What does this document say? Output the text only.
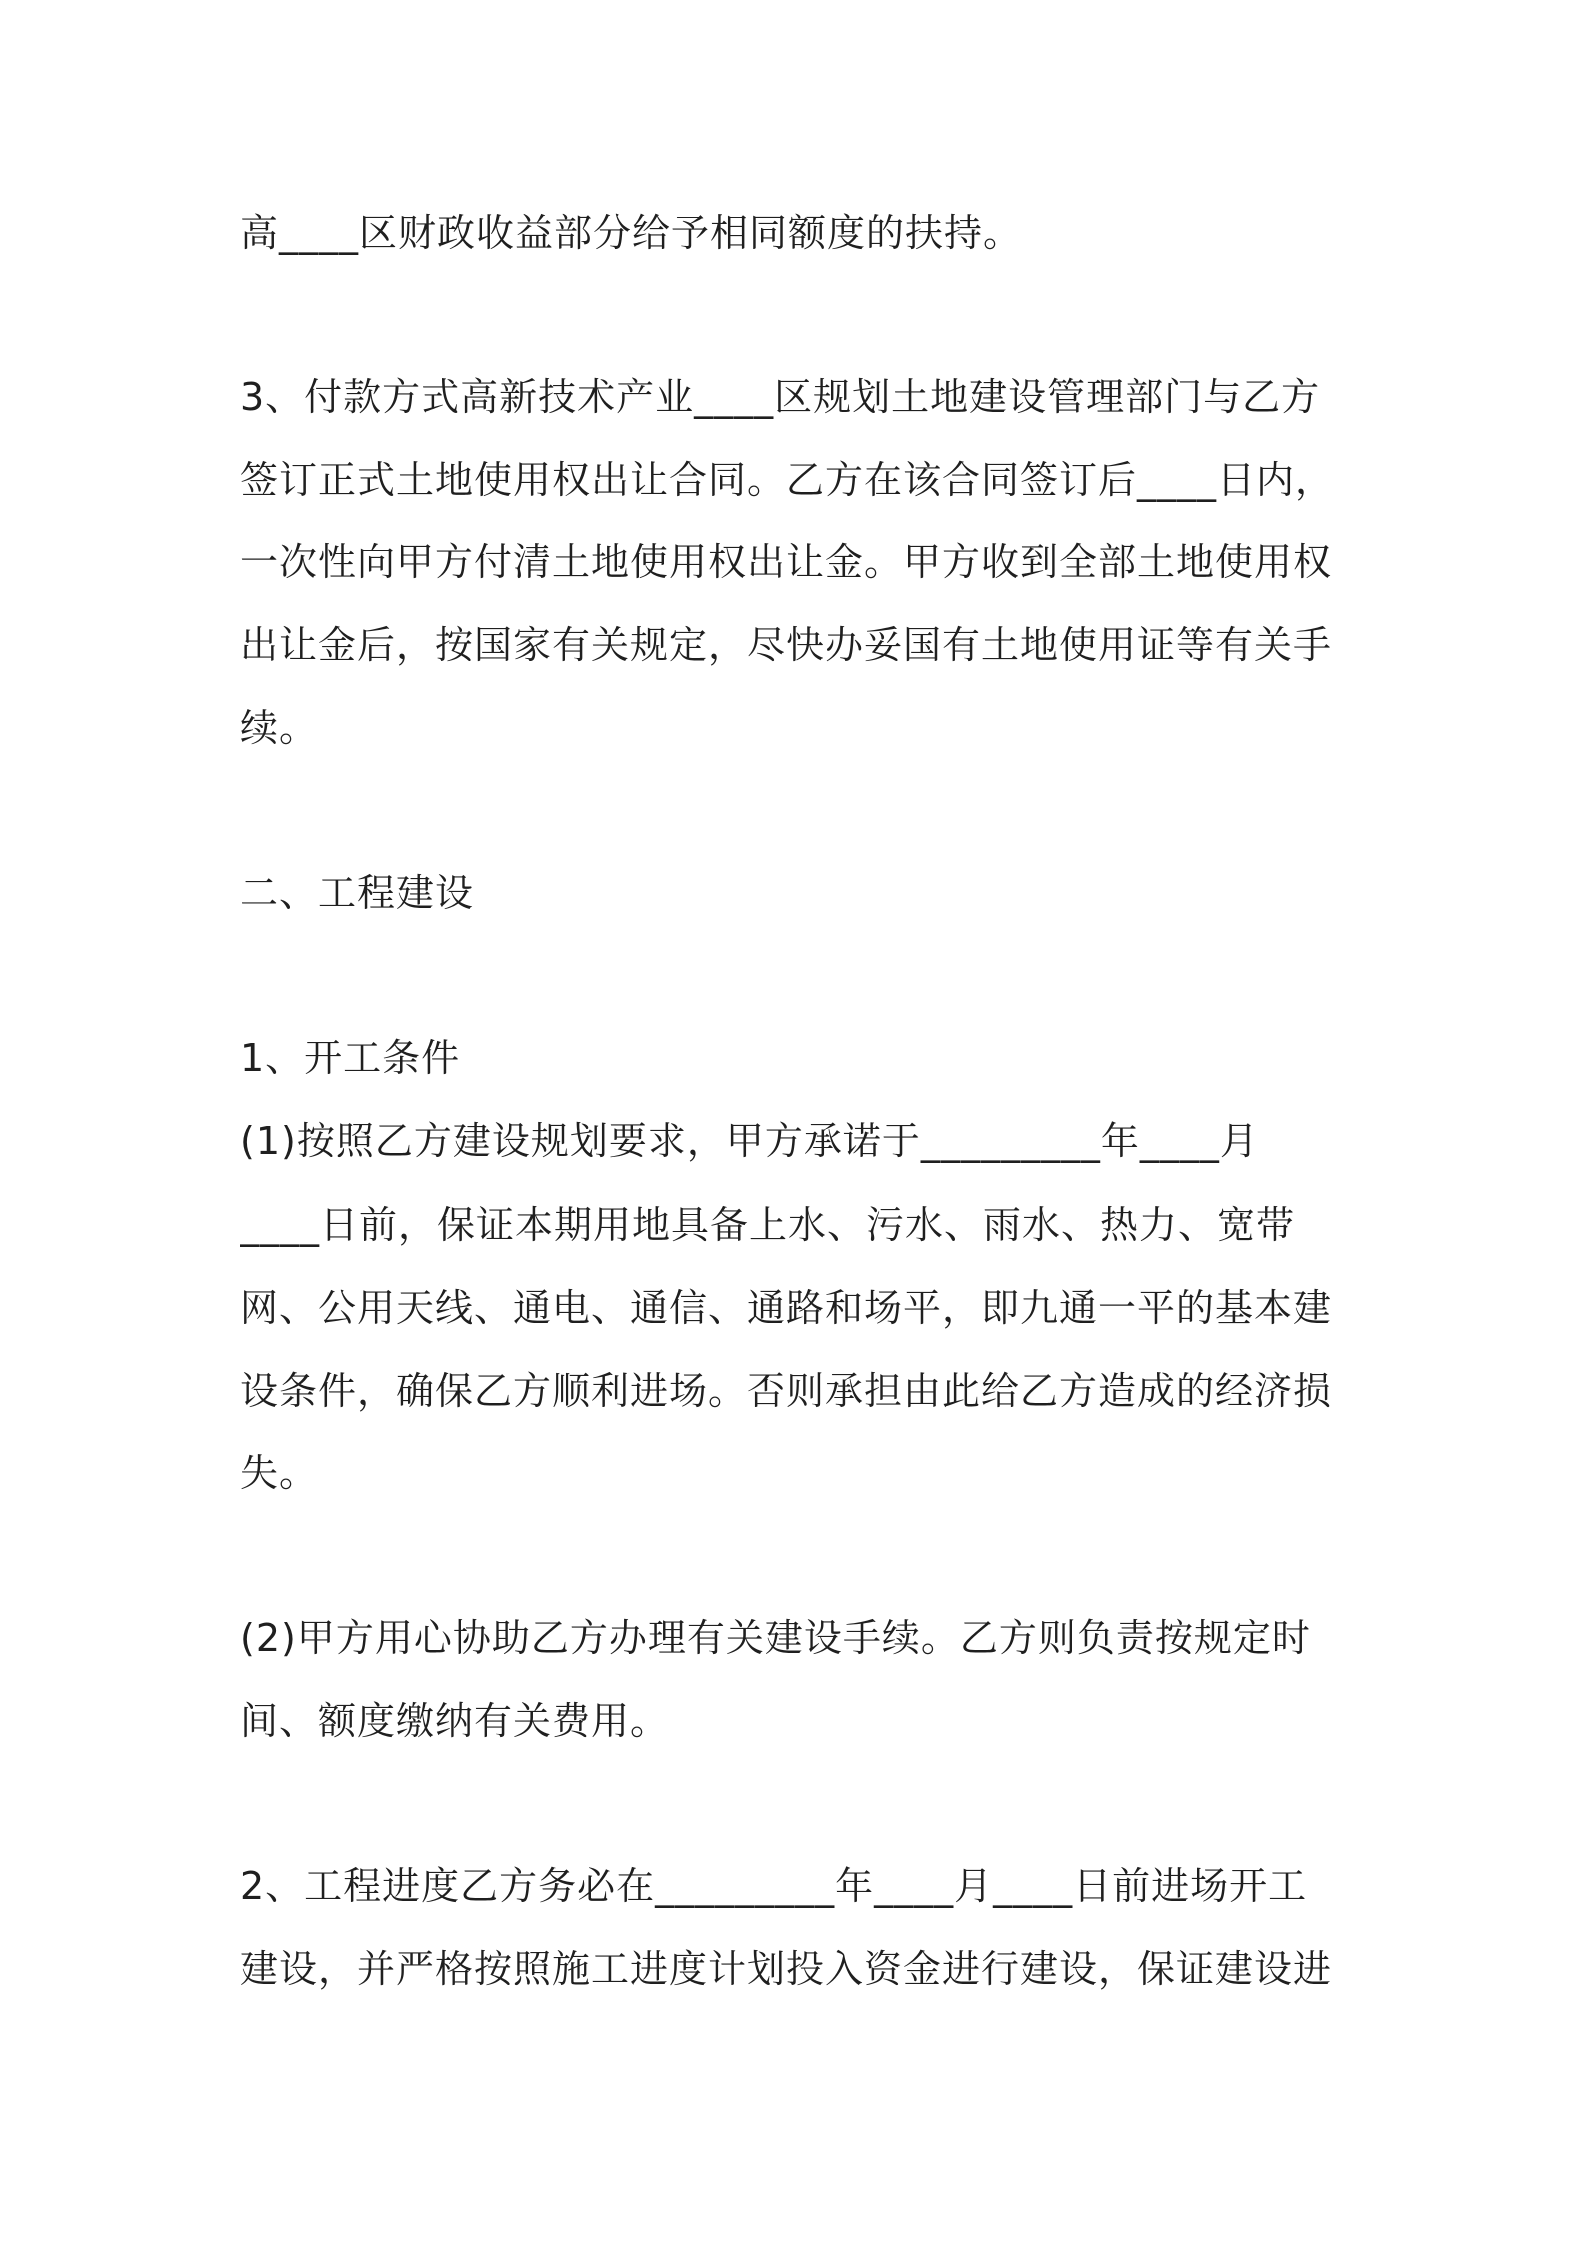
高____区财政收益部分给予相同额度的扶持。
3、付款方式高新技术产业____区规划土地建设管理部门与乙方
签订正式土地使用权出让合同。乙方在该合同签订后____日内，
一次性向甲方付清土地使用权出让金。甲方收到全部土地使用权
出让金后，按国家有关规定，尽快办妥国有土地使用证等有关手
续。
二、工程建设
1、开工条件
(1)按照乙方建设规划要求，甲方承诺于_________年____月
____日前，保证本期用地具备上水、污水、雨水、热力、宽带
网、公用天线、通电、通信、通路和场平，即九通一平的基本建
设条件，确保乙方顺利进场。否则承担由此给乙方造成的经济损
失。
(2)甲方用心协助乙方办理有关建设手续。乙方则负责按规定时
间、额度缴纳有关费用。
2、工程进度乙方务必在_________年____月____日前进场开工
建设，并严格按照施工进度计划投入资金进行建设，保证建设进
